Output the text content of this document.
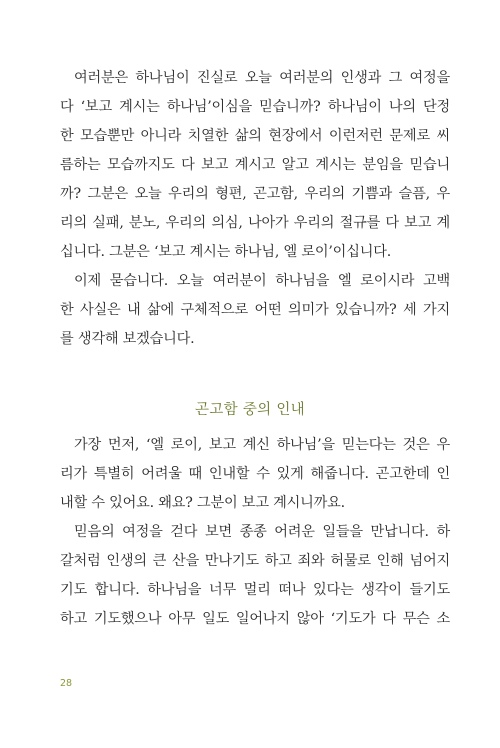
여러분은 하나님이 진실로 오늘 여러분의 인생과 그 여정을
다 ‘보고 계시는 하나님’이심을 믿습니까? 하나님이 나의 단정
한 모습뿐만 아니라 치열한 삶의 현장에서 이런저런 문제로 씨
름하는 모습까지도 다 보고 계시고 알고 계시는 분임을 믿습니
까? 그분은 오늘 우리의 형편, 곤고함, 우리의 기쁨과 슬픔, 우
리의 실패, 분노, 우리의 의심, 나아가 우리의 절규를 다 보고 계
십니다. 그분은 ‘보고 계시는 하나님, 엘 로이’이십니다.
이제 묻습니다. 오늘 여러분이 하나님을 엘 로이시라 고백
한 사실은 내 삶에 구체적으로 어떤 의미가 있습니까? 세 가지
를 생각해 보겠습니다.
곤고함 중의 인내
가장 먼저, ‘엘 로이, 보고 계신 하나님’을 믿는다는 것은 우
리가 특별히 어려울 때 인내할 수 있게 해줍니다. 곤고한데 인
내할 수 있어요. 왜요? 그분이 보고 계시니까요.
믿음의 여정을 걷다 보면 종종 어려운 일들을 만납니다. 하
갈처럼 인생의 큰 산을 만나기도 하고 죄와 허물로 인해 넘어지
기도 합니다. 하나님을 너무 멀리 떠나 있다는 생각이 들기도
하고 기도했으나 아무 일도 일어나지 않아 ‘기도가 다 무슨 소
28
